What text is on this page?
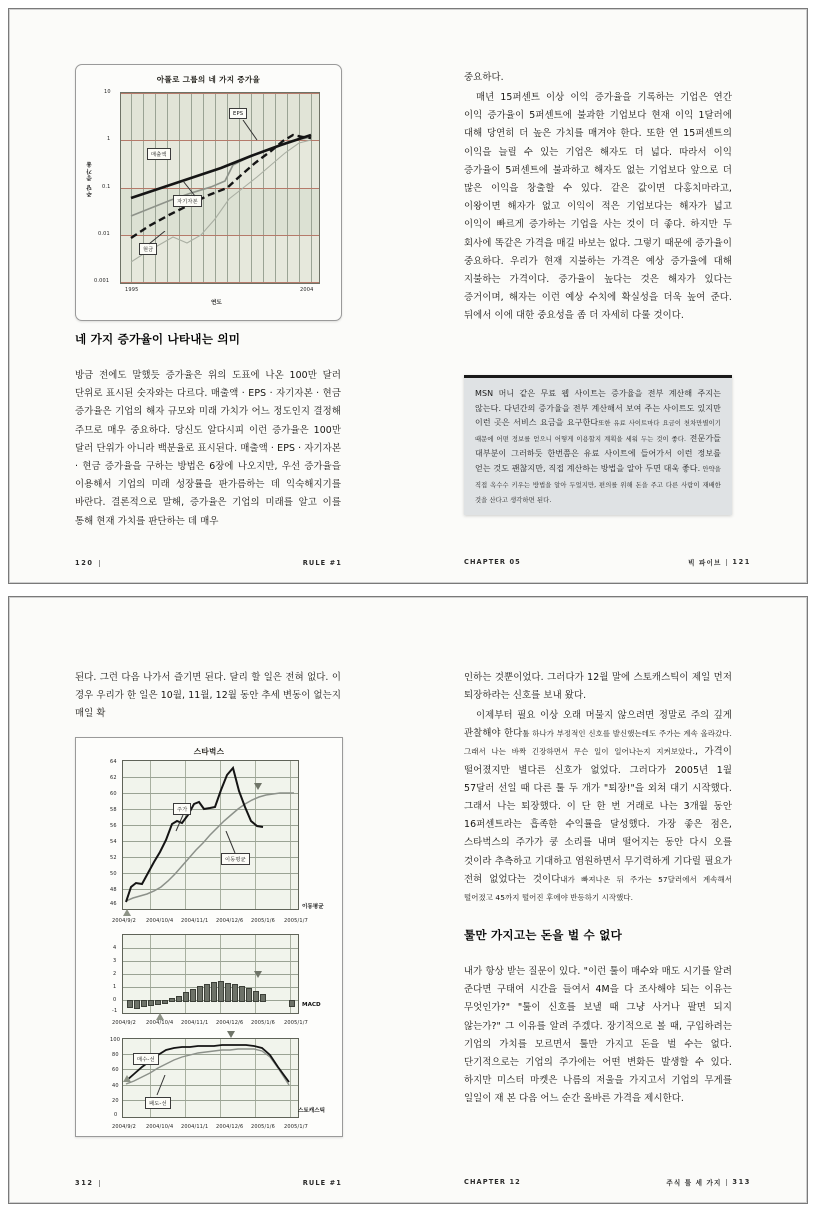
아폴로 그룹의 네 가지 증가율
EPS
매출액
자기자본
현금
10
1
0.1
0.01
0.001
주당 증가율
1995	2004
연도
네 가지 증가율이 나타내는 의미
방금 전에도 말했듯 증가율은 위의 도표에 나온 100만 달러 단위로 표시된 숫자와는 다르다. 매출액 · EPS · 자기자본 · 현금 증가율은 기업의 해자 규모와 미래 가치가 어느 정도인지 결정해 주므로 매우 중요하다. 당신도 알다시피 이런 증가율은 100만 달러 단위가 아니라 백분율로 표시된다. 매출액 · EPS · 자기자본 · 현금 증가율을 구하는 방법은 6장에 나오지만, 우선 증가율을 이용해서 기업의 미래 성장률을 판가름하는 데 익숙해지기를 바란다. 결론적으로 말해, 증가율은 기업의 미래를 알고 이를 통해 현재 가치를 판단하는 데 매우
120	RULE #1
중요하다.
매년 15퍼센트 이상 이익 증가율을 기록하는 기업은 연간 이익 증가율이 5퍼센트에 불과한 기업보다 현재 이익 1달러에 대해 당연히 더 높은 가치를 매겨야 한다. 또한 연 15퍼센트의 이익을 늘릴 수 있는 기업은 해자도 더 넓다. 따라서 이익 증가율이 5퍼센트에 불과하고 해자도 없는 기업보다 앞으로 더 많은 이익을 창출할 수 있다. 같은 값이면 다홍치마라고, 이왕이면 해자가 없고 이익이 적은 기업보다는 해자가 넓고 이익이 빠르게 증가하는 기업을 사는 것이 더 좋다. 하지만 두 회사에 똑같은 가격을 매길 바보는 없다. 그렇기 때문에 증가율이 중요하다. 우리가 현재 지불하는 가격은 예상 증가율에 대해 지불하는 가격이다. 증가율이 높다는 것은 해자가 있다는 증거이며, 해자는 이런 예상 수치에 확실성을 더욱 높여 준다. 뒤에서 이에 대한 중요성을 좀 더 자세히 다룰 것이다.
MSN 머니 같은 무료 웹 사이트는 증가율을 전부 계산해 주지는 않는다. 다년간의 증가율을 전부 계산해서 보여 주는 사이트도 있지만 이런 곳은 서비스 요금을 요구한다또한 유료 사이트마다 요금이 천차만별이기 때문에 어떤 정보를 얻으니 어떻게 이용할지 계획을 세워 두는 것이 좋다. 전문가들 대부분이 그러하듯 한번쯤은 유료 사이트에 들어가서 이런 정보를 얻는 것도 괜찮지만, 직접 계산하는 방법을 알아 두면 대욱 좋다. 안약을 직접 옥수수 키우는 방법을 알아 두었지만, 편의를 위해 돈을 주고 다른 사람이 재배한 것을 산다고 생각하면 된다.
CHAPTER 05	빅 파이브 121
된다. 그런 다음 나가서 즐기면 된다. 달리 할 일은 전혀 없다. 이 경우 우리가 한 일은 10월, 11월, 12월 동안 추세 변동이 없는지 매일 확
스타벅스
주가
이동평균
64
62
60
58
56
54
52
50
48
46	이동평균
2004/9/2 2004/10/4 2004/11/1 2004/12/6 2005/1/6 2005/1/7
4
3
2
1
0
-1
MACD
2004/9/2 2004/10/4 2004/11/1 2004/12/6 2005/1/6 2005/1/7
매수-선
패도-선
100
80
60
40
20
0
스토캐스틱
2004/9/2 2004/10/4 2004/11/1 2004/12/6 2005/1/6 2005/1/7
312	RULE #1
인하는 것뿐이었다. 그러다가 12월 말에 스토캐스틱이 제일 먼저 퇴장하라는 신호를 보내 왔다.
이제부터 필요 이상 오래 머물지 않으려면 정말로 주의 깊게 관찰해야 한다툴 하나가 부정적인 신호를 발신했는데도 주가는 계속 올라갔다. 그래서 나는 바짝 긴장하면서 무슨 일이 일어나는지 지켜보았다., 가격이 떨어졌지만 별다른 신호가 없었다. 그러다가 2005년 1월 57달러 선일 때 다른 툴 두 개가 "퇴장!"을 외쳐 대기 시작했다. 그래서 나는 퇴장했다. 이 단 한 번 거래로 나는 3개월 동안 16퍼센트라는 흡족한 수익률을 달성했다. 가장 좋은 점은, 스타벅스의 주가가 쿵 소리를 내며 떨어지는 동안 다시 오를 것이라 추측하고 기대하고 염원하면서 무기력하게 기다릴 필요가 전혀 없었다는 것이다내가 빠져나온 뒤 주가는 57달러에서 계속해서 떨어졌고 45까지 떨어진 후에야 반등하기 시작했다.
툴만 가지고는 돈을 벌 수 없다
내가 항상 받는 질문이 있다. "이런 툴이 매수와 매도 시기를 알려 준다면 구태여 시간을 들여서 4M을 다 조사해야 되는 이유는 무엇인가?" "툴이 신호를 보낼 때 그냥 사거나 팔면 되지 않는가?" 그 이유를 알려 주겠다. 장기적으로 볼 때, 구입하려는 기업의 가치를 모르면서 툴만 가지고 돈을 벌 수는 없다. 단기적으로는 기업의 주가에는 어떤 변화든 발생할 수 있다. 하지만 미스터 마켓은 나름의 저울을 가지고서 기업의 무게를 일일이 재 본 다음 어느 순간 올바른 가격을 제시한다.
CHAPTER 12	주식 툴 세 가지 313
